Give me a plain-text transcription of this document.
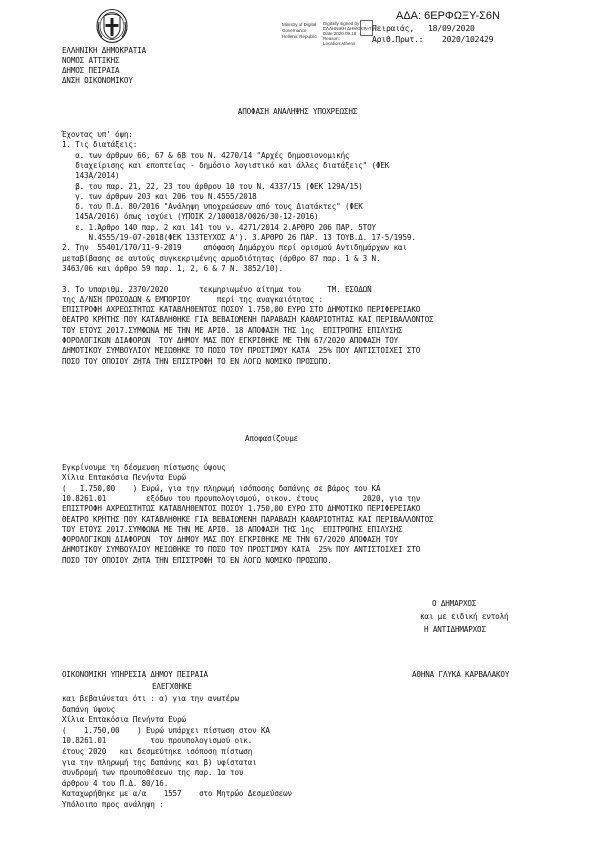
ΑΔΑ: 6ΕΡΦΩΞΥ-Σ6Ν
Ministry of Digital
Governance
Hellenic Republic
Digitally signed by
ΕΛΛΗΝΙΚΗ ΔΗΜΟΚΡΑΤΙΑ
Date:2020.09.18
Reason:
Location:Athens
Πειραιάς,   18/09/2020
Αριθ.Πρωτ.:    2020/102429
ΕΛΛΗΝΙΚΗ ΔΗΜΟΚΡΑΤΙΑ
ΝΟΜΟΣ ΑΤΤΙΚΗΣ
ΔΗΜΟΣ ΠΕΙΡΑΙΑ
ΔΝΣΗ ΟΙΚΟΝΟΜΙΚΟΥ
ΑΠΟΦΑΣΗ ΑΝΑΛΗΨΗΣ ΥΠΟΧΡΕΩΣΗΣ
Έχοντας υπ' όψη:
1. Τις διατάξεις:
α. των άρθρων 66, 67 & 68 του Ν. 4270/14 "Αρχές δημοσιονομικής
διαχείρισης και εποπτείας - δημόσιο λογιστικό και άλλες διατάξεις" (ΦΕΚ
143Α/2014)
β. του παρ. 21, 22, 23 του άρθρου 10 του Ν. 4337/15 (ΦΕΚ 129Α/15)
γ. των άρθρων 203 και 206 του Ν.4555/2018
δ. του Π.Δ. 80/2016 "Ανάληψη υποχρεώσεων από τους Διατάκτες" (ΦΕΚ
145Α/2016) όπως ισχύει (ΥΠΟΙΚ 2/100018/0026/30-12-2016)
ε. 1.Άρθρο 140 παρ. 2 και 141 του ν. 4271/2014 2.ΑΡΘΡΟ 206 ΠΑΡ. 5ΤΟΥ
Ν.4555/19-07-2018(ΦΕΚ 133ΤΕΥΧΟΣ Α'). 3.ΑΡΘΡΟ 26 ΠΑΡ. 13 ΤΟΥΒ.Δ. 17-5/1959.
2. Την  55401/170/11-9-2019     απόφαση Δημάρχου περί ορισμού Αντιδημάρχων και
μεταβίβασης σε αυτούς συγκεκριμένης αρμοδιότητας (άρθρο 87 παρ. 1 & 3 Ν.
3463/06 και άρθρο 59 παρ. 1, 2, 6 & 7 Ν. 3852/10).
3. Το υπαριθμ. 2370/2020       τεκμηριωμένο αίτημα του      ΤΜ. ΕΣΟΔΩΝ
της Δ/ΝΣΗ ΠΡΟΣΟΔΩΝ & ΕΜΠΟΡΙΟΥ      περί της αναγκαιότητας :
ΕΠΙΣΤΡΟΦΗ ΑΧΡΕΩΣΤΗΤΩΣ ΚΑΤΑΒΛΗΘΕΝΤΟΣ ΠΟΣΟΥ 1.750,00 ΕΥΡΩ ΣΤΟ ΔΗΜΟΤΙΚΟ ΠΕΡΙΦΕΡΕΙΑΚΟ
ΘΕΑΤΡΟ ΚΡΗΤΗΣ ΠΟΥ ΚΑΤΑΒΛΗΘΗΚΕ ΓΙΑ ΒΕΒΑΙΩΜΕΝΗ ΠΑΡΑΒΑΣΗ ΚΑΘΑΡΙΟΤΗΤΑΣ ΚΑΙ ΠΕΡΙΒΑΛΛΟΝΤΟΣ
ΤΟΥ ΕΤΟΥΣ 2017.ΣΥΜΦΩΝΑ ΜΕ ΤΗΝ ΜΕ ΑΡΙΘ. 18 ΑΠΟΦΑΣΗ ΤΗΣ 1ης  ΕΠΙΤΡΟΠΗΣ ΕΠΙΛΥΣΗΣ
ΦΟΡΟΛΟΓΙΚΩΝ ΔΙΑΦΟΡΩΝ  ΤΟΥ ΔΗΜΟΥ ΜΑΣ ΠΟΥ ΕΓΚΡΙΘΗΚΕ ΜΕ ΤΗΝ 67/2020 ΑΠΟΦΑΣΗ ΤΟΥ
ΔΗΜΟΤΙΚΟΥ ΣΥΜΒΟΥΛΙΟΥ ΜΕΙΩΘΗΚΕ ΤΟ ΠΟΣΟ ΤΟΥ ΠΡΟΣΤΙΜΟΥ ΚΑΤΑ  25% ΠΟΥ ΑΝΤΙΣΤΟΙΧΕΙ ΣΤΟ
ΠΟΣΟ ΤΟΥ ΟΠΟΙΟΥ ΖΗΤΑ ΤΗΝ ΕΠΙΣΤΡΟΦΗ ΤΟ ΕΝ ΛΟΓΩ ΝΟΜΙΚΟ ΠΡΟΣΩΠΟ.
Αποφασίζουμε
Εγκρίνουμε τη δέσμευση πίστωσης ύψους
Χίλια Επτακόσια Πενήντα Ευρώ
(   1.750,00    ) Ευρώ, για την πληρωμή ισόποσης δαπάνης σε βάρος του ΚΑ
10.8261.01         εξόδων του προυπολογισμού, οικον. έτους          2020, για την
ΕΠΙΣΤΡΟΦΗ ΑΧΡΕΩΣΤΗΤΩΣ ΚΑΤΑΒΛΗΘΕΝΤΟΣ ΠΟΣΟΥ 1.750,00 ΕΥΡΩ ΣΤΟ ΔΗΜΟΤΙΚΟ ΠΕΡΙΦΕΡΕΙΑΚΟ
ΘΕΑΤΡΟ ΚΡΗΤΗΣ ΠΟΥ ΚΑΤΑΒΛΗΘΗΚΕ ΓΙΑ ΒΕΒΑΙΩΜΕΝΗ ΠΑΡΑΒΑΣΗ ΚΑΘΑΡΙΟΤΗΤΑΣ ΚΑΙ ΠΕΡΙΒΑΛΛΟΝΤΟΣ
ΤΟΥ ΕΤΟΥΣ 2017.ΣΥΜΦΩΝΑ ΜΕ ΤΗΝ ΜΕ ΑΡΙΘ. 18 ΑΠΟΦΑΣΗ ΤΗΣ 1ης  ΕΠΙΤΡΟΠΗΣ ΕΠΙΛΥΣΗΣ
ΦΟΡΟΛΟΓΙΚΩΝ ΔΙΑΦΟΡΩΝ  ΤΟΥ ΔΗΜΟΥ ΜΑΣ ΠΟΥ ΕΓΚΡΙΘΗΚΕ ΜΕ ΤΗΝ 67/2020 ΑΠΟΦΑΣΗ ΤΟΥ
ΔΗΜΟΤΙΚΟΥ ΣΥΜΒΟΥΛΙΟΥ ΜΕΙΩΘΗΚΕ ΤΟ ΠΟΣΟ ΤΟΥ ΠΡΟΣΤΙΜΟΥ ΚΑΤΑ  25% ΠΟΥ ΑΝΤΙΣΤΟΙΧΕΙ ΣΤΟ
ΠΟΣΟ ΤΟΥ ΟΠΟΙΟΥ ΖΗΤΑ ΤΗΝ ΕΠΙΣΤΡΟΦΗ ΤΟ ΕΝ ΛΟΓΩ ΝΟΜΙΚΟ ΠΡΟΣΩΠΟ.
Ο ΔΗΜΑΡΧΟΣ
και με ειδική εντολή
Η ΑΝΤΙΔΗΜΑΡΧΟΣ
ΟΙΚΟΝΟΜΙΚΗ ΥΠΗΡΕΣΙΑ ΔΗΜΟΥ ΠΕΙΡΑΙΑ	ΑΘΗΝΑ ΓΛΥΚΑ ΚΑΡΒΑΛΑΚΟΥ
ΕΛΕΓΧΘΗΚΕ
και βεβαιώνεται ότι : α) για την ανωτέρω
δαπάνη ύψους
Χίλια Επτακόσια Πενήντα Ευρώ
(    1.750,00    ) Ευρώ υπάρχει πίστωση στον ΚΑ
10.8261.01          του προυπολογισμού οικ.
έτους 2020   και δεσμεύτηκε ισόποση πίστωση
για την πληρωμή της δαπάνης και β) υφίσταται
συνδρομή των προυποθέσεων της παρ. 1α του
άρθρου 4 του Π.Δ. 80/16.
Καταχωρήθηκε με α/α    1557    στο Μητρώο Δεσμεύσεων
Υπόλοιπο προς ανάληψη :
